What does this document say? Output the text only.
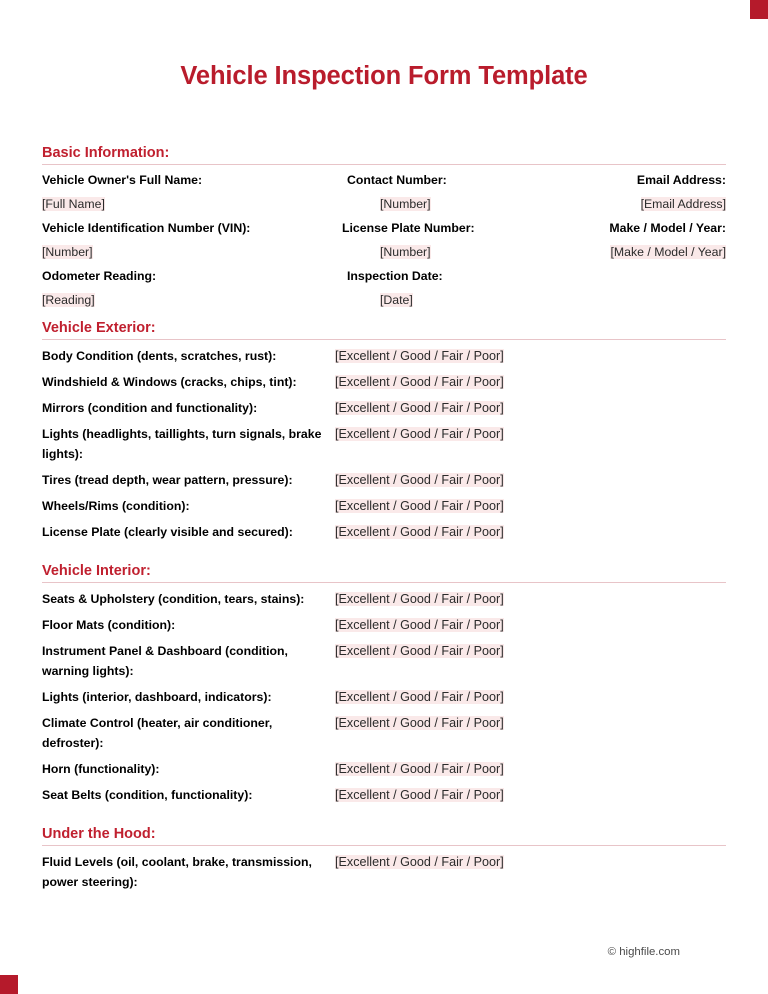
Vehicle Inspection Form Template
Basic Information:
Vehicle Owner's Full Name:	Contact Number:	Email Address:
[Full Name]	[Number]	[Email Address]
Vehicle Identification Number (VIN):	License Plate Number:	Make / Model / Year:
[Number]	[Number]	[Make / Model / Year]
Odometer Reading:	Inspection Date:
[Reading]	[Date]
Vehicle Exterior:
Body Condition (dents, scratches, rust):	[Excellent / Good / Fair / Poor]
Windshield & Windows (cracks, chips, tint):	[Excellent / Good / Fair / Poor]
Mirrors (condition and functionality):	[Excellent / Good / Fair / Poor]
Lights (headlights, taillights, turn signals, brake lights):
[Excellent / Good / Fair / Poor]
Tires (tread depth, wear pattern, pressure):	[Excellent / Good / Fair / Poor]
Wheels/Rims (condition):	[Excellent / Good / Fair / Poor]
License Plate (clearly visible and secured):	[Excellent / Good / Fair / Poor]
Vehicle Interior:
Seats & Upholstery (condition, tears, stains):	[Excellent / Good / Fair / Poor]
Floor Mats (condition):	[Excellent / Good / Fair / Poor]
Instrument Panel & Dashboard (condition, warning lights):
[Excellent / Good / Fair / Poor]
Lights (interior, dashboard, indicators):	[Excellent / Good / Fair / Poor]
Climate Control (heater, air conditioner, defroster):
[Excellent / Good / Fair / Poor]
Horn (functionality):	[Excellent / Good / Fair / Poor]
Seat Belts (condition, functionality):	[Excellent / Good / Fair / Poor]
Under the Hood:
Fluid Levels (oil, coolant, brake, transmission, power steering):
[Excellent / Good / Fair / Poor]
© highfile.com
